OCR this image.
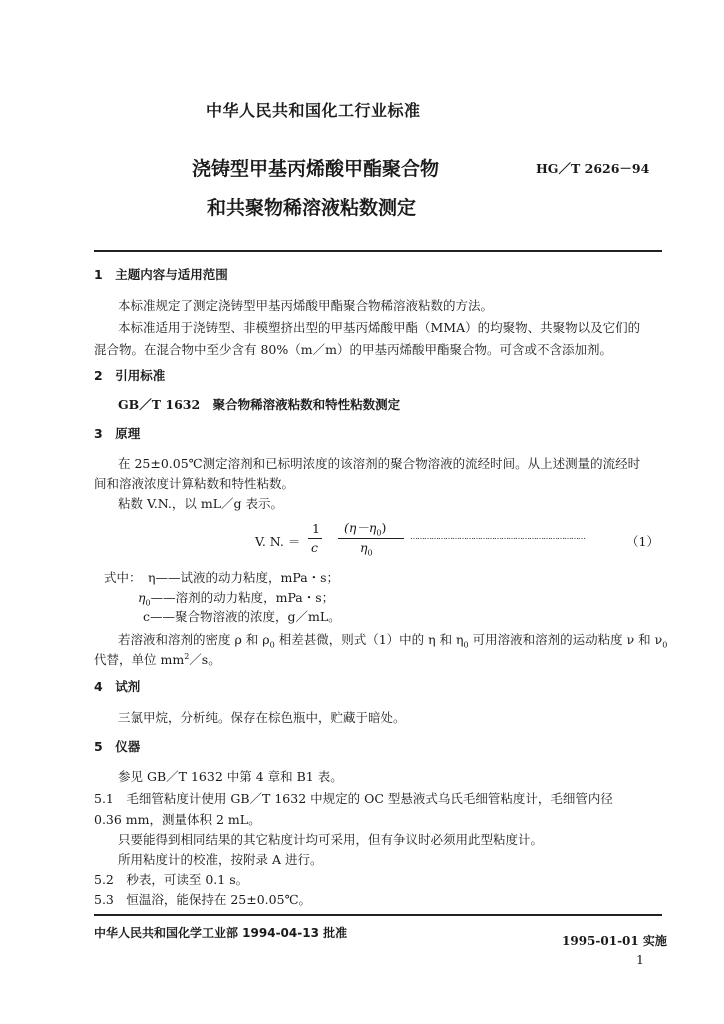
中华人民共和国化工行业标准
浇铸型甲基丙烯酸甲酯聚合物	HG／T 2626－94
和共聚物稀溶液粘数测定
1　主题内容与适用范围
本标准规定了测定浇铸型甲基丙烯酸甲酯聚合物稀溶液粘数的方法。
本标准适用于浇铸型、非模塑挤出型的甲基丙烯酸甲酯（MMA）的均聚物、共聚物以及它们的
混合物。在混合物中至少含有 80%（m／m）的甲基丙烯酸甲酯聚合物。可含或不含添加剂。
2　引用标准
GB／T 1632　聚合物稀溶液粘数和特性粘数测定
3　原理
在 25±0.05℃测定溶剂和已标明浓度的该溶剂的聚合物溶液的流经时间。从上述测量的流经时
间和溶液浓度计算粘数和特性粘数。
粘数 V.N.，以 mL／g 表示。
V. N. ＝
1
c
$(\eta-\eta_0)$
$\eta_0$
…………………………………………………………………	（1）
式中： η——试液的动力粘度，mPa・s；
$\eta_0——$溶剂的动力粘度，mPa・s；
c——聚合物溶液的浓度，g／mL。
若溶液和溶剂的密度 ρ 和 $\rho_0$ 相差甚微，则式（1）中的 η 和 $\eta_0$ 可用溶液和溶剂的运动粘度 ν 和 $\nu_0$
代替，单位 $mm^2/s$。
4　试剂
三氯甲烷，分析纯。保存在棕色瓶中，贮藏于暗处。
5　仪器
参见 GB／T 1632 中第 4 章和 B1 表。
5.1　毛细管粘度计使用 GB／T 1632 中规定的 OC 型悬液式乌氏毛细管粘度计，毛细管内径
0.36 mm，测量体积 2 mL。
只要能得到相同结果的其它粘度计均可采用，但有争议时必须用此型粘度计。
所用粘度计的校准，按附录 A 进行。
5.2　秒表，可读至 0.1 s。
5.3　恒温浴，能保持在 25±0.05℃。
中华人民共和国化学工业部 1994-04-13 批准
1995-01-01 实施
1
